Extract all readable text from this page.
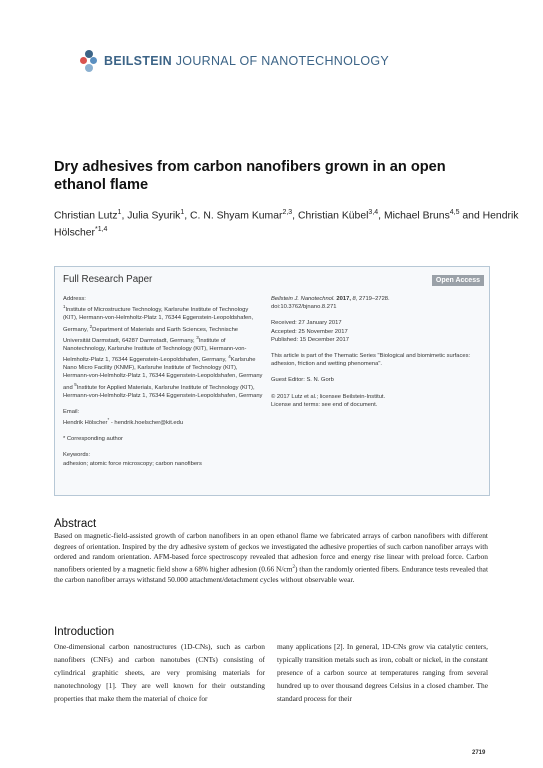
BEILSTEIN JOURNAL OF NANOTECHNOLOGY
Dry adhesives from carbon nanofibers grown in an open ethanol flame
Christian Lutz$^1$, Julia Syurik$^1$, C. N. Shyam Kumar$^{2,3}$, Christian Kübel$^{3,4}$, Michael Bruns$^{4,5}$ and Hendrik Hölscher$^{*1,4}$
Full Research Paper	Open Access

Address:

$^1$Institute of Microstructure Technology, Karlsruhe Institute of Technology (KIT), Hermann-von-Helmholtz-Platz 1, 76344 Eggenstein-Leopoldshafen, Germany, $^2$Department of Materials and Earth Sciences, Technische Universität Darmstadt, 64287 Darmstadt, Germany, $^3$Institute of Nanotechnology, Karlsruhe Institute of Technology (KIT), Hermann-von-Helmholtz-Platz 1, 76344 Eggenstein-Leopoldshafen, Germany, $^4$Karlsruhe Nano Micro Facility (KNMF), Karlsruhe Institute of Technology (KIT), Hermann-von-Helmholtz-Platz 1, 76344 Eggenstein-Leopoldshafen, Germany and $^5$Institute for Applied Materials, Karlsruhe Institute of Technology (KIT), Hermann-von-Helmholtz-Platz 1, 76344 Eggenstein-Leopoldshafen, Germany

Email:

Hendrik Hölscher* - hendrik.hoelscher@kit.edu

* Corresponding author

Keywords:

adhesion; atomic force microscopy; carbon nanofibers

Beilstein J. Nanotechnol. 2017, 8, 2719–2728.

doi:10.3762/bjnano.8.271

Received: 27 January 2017

Accepted: 25 November 2017

Published: 15 December 2017

This article is part of the Thematic Series "Biological and biomimetic surfaces: adhesion, friction and wetting phenomena".

Guest Editor: S. N. Gorb

© 2017 Lutz et al.; licensee Beilstein-Institut.

License and terms: see end of document.

Abstract
Based on magnetic-field-assisted growth of carbon nanofibers in an open ethanol flame we fabricated arrays of carbon nanofibers with different degrees of orientation. Inspired by the dry adhesive system of geckos we investigated the adhesive properties of such carbon nanofiber arrays with ordered and random orientation. AFM-based force spectroscopy revealed that adhesion force and energy rise linear with preload force. Carbon nanofibers oriented by a magnetic field show a 68% higher adhesion (0.66 $N/cm^2$) than the randomly oriented fibers. Endurance tests revealed that the carbon nanofiber arrays withstand 50.000 attachment/detachment cycles without observable wear.
Introduction
One-dimensional carbon nanostructures (1D-CNs), such as carbon nanofibers (CNFs) and carbon nanotubes (CNTs) consisting of cylindrical graphitic sheets, are very promising materials for nanotechnology [1]. They are well known for their outstanding properties that make them the material of choice for
many applications [2]. In general, 1D-CNs grow via catalytic centers, typically transition metals such as iron, cobalt or nickel, in the constant presence of a carbon source at temperatures ranging from several hundred up to over thousand degrees Celsius in a closed chamber. The standard process for their
2719
